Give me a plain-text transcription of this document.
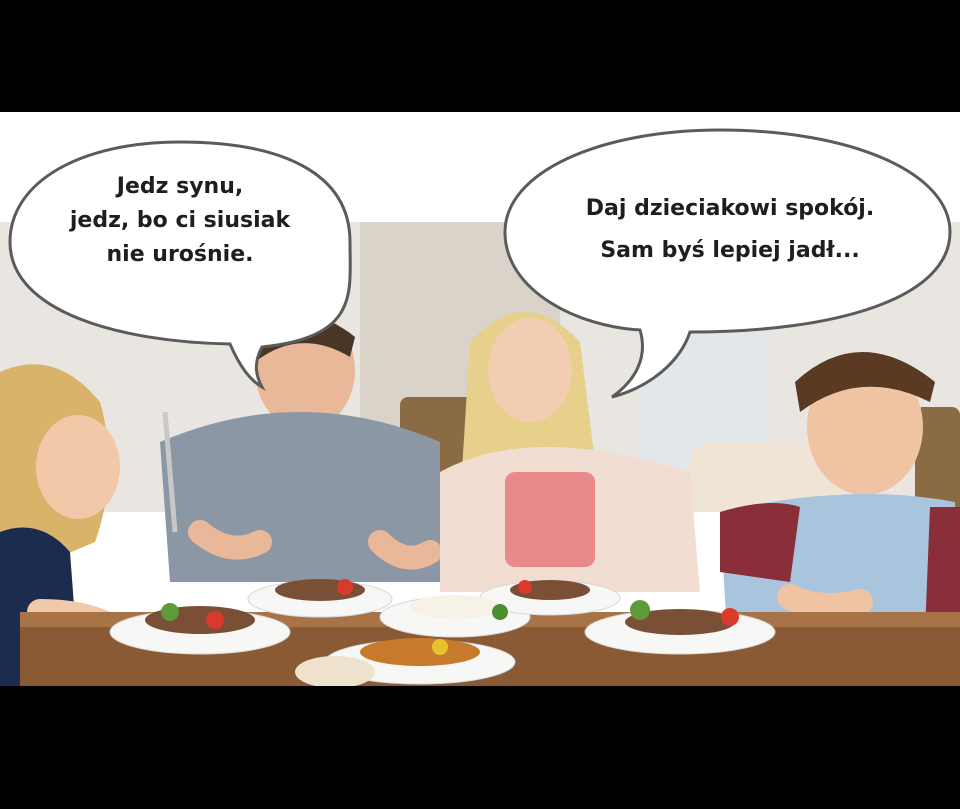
Jedz synu,
jedz, bo ci siusiak
nie urośnie.
Daj dzieciakowi spokój.
Sam byś lepiej jadł...
